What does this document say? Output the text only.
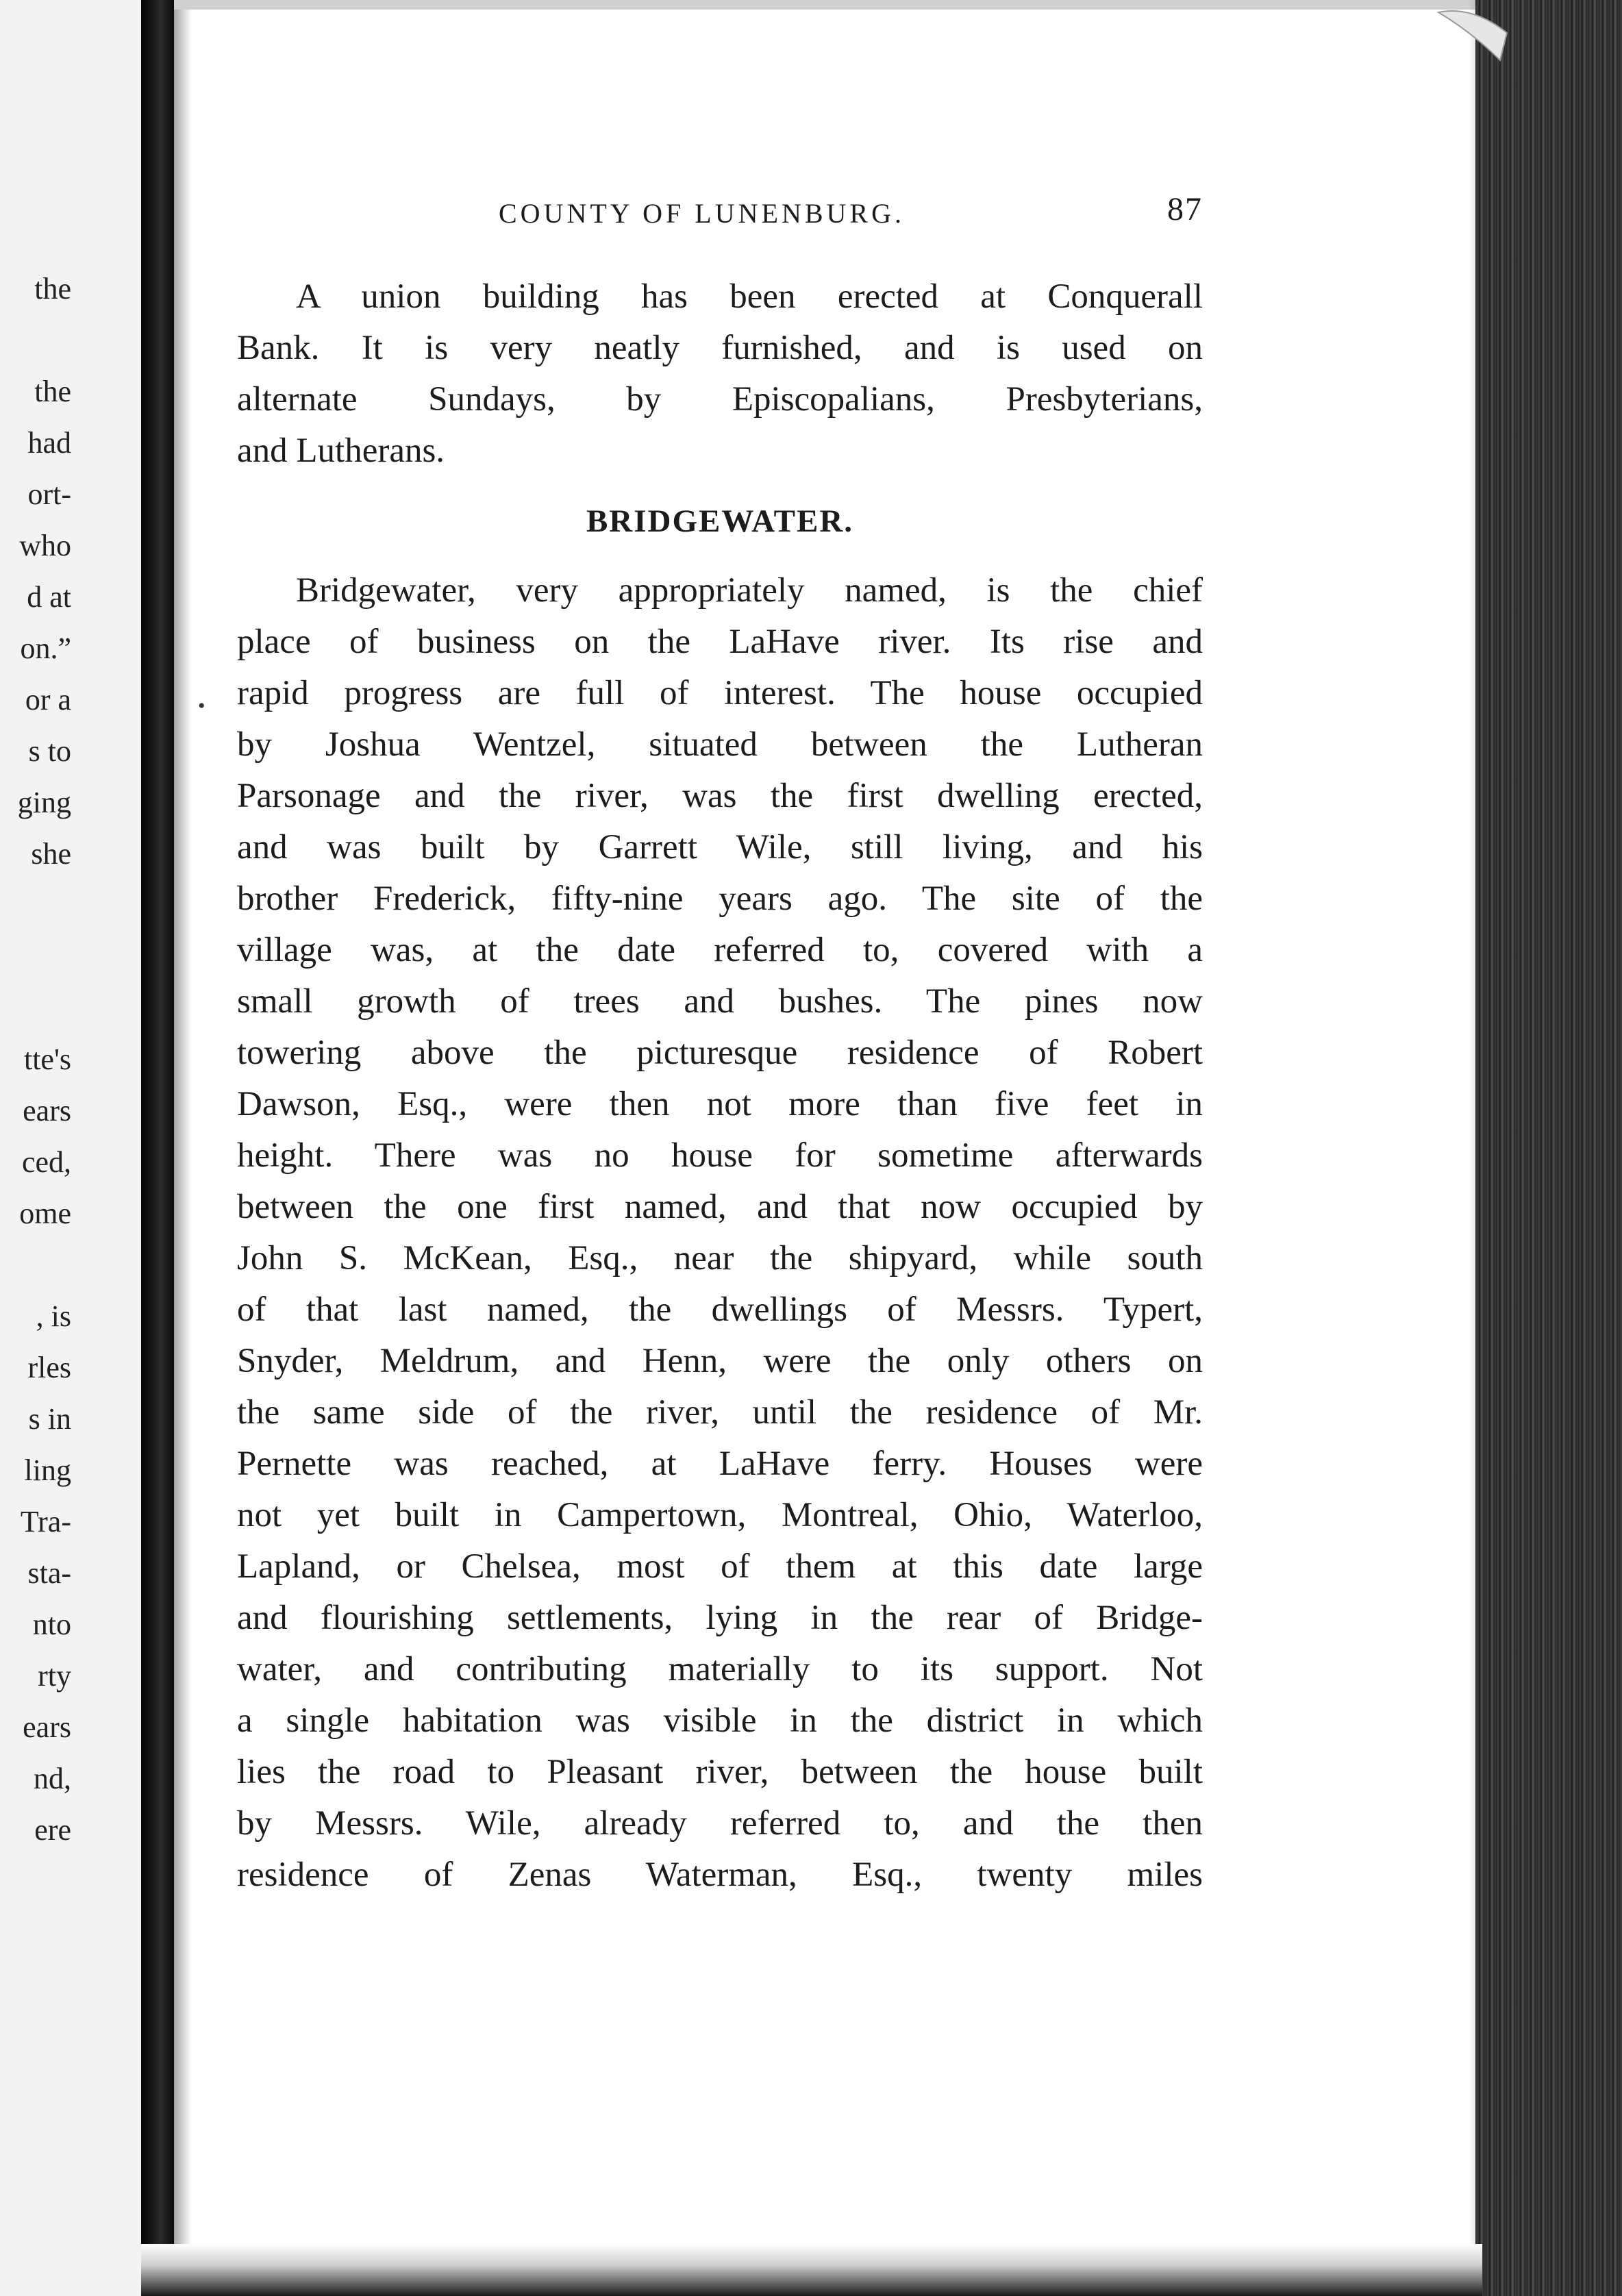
the
the
had
ort-
who
d at
on.”
or a
s to
ging
she
tte's
ears
ced,
ome
, is
rles
s in
ling
Tra-
sta-
nto
rty
ears
nd,
ere
•
COUNTY OF LUNENBURG.	87
A union building has been erected at Conquerall
Bank. It is very neatly furnished, and is used on
alternate Sundays, by Episcopalians, Presbyterians,
and Lutherans.
BRIDGEWATER.
Bridgewater, very appropriately named, is the chief
place of business on the LaHave river. Its rise and
rapid progress are full of interest. The house occupied
by Joshua Wentzel, situated between the Lutheran
Parsonage and the river, was the first dwelling erected,
and was built by Garrett Wile, still living, and his
brother Frederick, fifty-nine years ago. The site of the
village was, at the date referred to, covered with a
small growth of trees and bushes. The pines now
towering above the picturesque residence of Robert
Dawson, Esq., were then not more than five feet in
height. There was no house for sometime afterwards
between the one first named, and that now occupied by
John S. McKean, Esq., near the shipyard, while south
of that last named, the dwellings of Messrs. Typert,
Snyder, Meldrum, and Henn, were the only others on
the same side of the river, until the residence of Mr.
Pernette was reached, at LaHave ferry. Houses were
not yet built in Campertown, Montreal, Ohio, Waterloo,
Lapland, or Chelsea, most of them at this date large
and flourishing settlements, lying in the rear of Bridge-
water, and contributing materially to its support. Not
a single habitation was visible in the district in which
lies the road to Pleasant river, between the house built
by Messrs. Wile, already referred to, and the then
residence of Zenas Waterman, Esq., twenty miles
